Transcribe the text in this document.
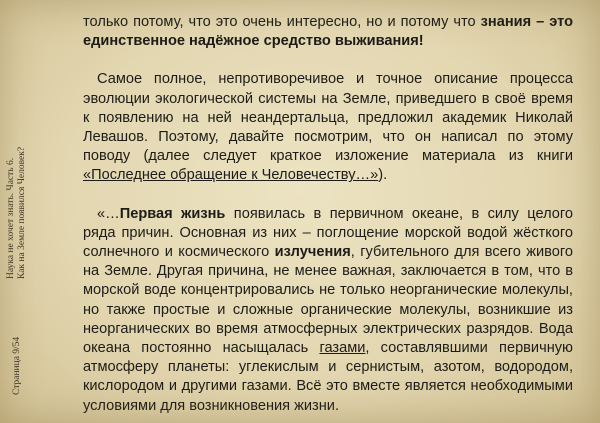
Наука не хочет знать. Часть 6. Как на Земле появился Человек?
Страница 9/54

только потому, что это очень интересно, но и потому что знания – это единственное надёжное средство выживания!

Самое полное, непротиворечивое и точное описание процесса эволюции экологической системы на Земле, приведшего в своё время к появлению на ней неандертальца, предложил академик Николай Левашов. Поэтому, давайте посмотрим, что он написал по этому поводу (далее следует краткое изложение материала из книги «Последнее обращение к Человечеству…»).

«…Первая жизнь появилась в первичном океане, в силу целого ряда причин. Основная из них – поглощение морской водой жёсткого солнечного и космического излучения, губительного для всего живого на Земле. Другая причина, не менее важная, заключается в том, что в морской воде концентрировались не только неорганические молекулы, но также простые и сложные органические молекулы, возникшие из неорганических во время атмосферных электрических разрядов. Вода океана постоянно насыщалась газами, составлявшими первичную атмосферу планеты: углекислым и сернистым, азотом, водородом, кислородом и другими газами. Всё это вместе является необходимыми условиями для возникновения жизни.
